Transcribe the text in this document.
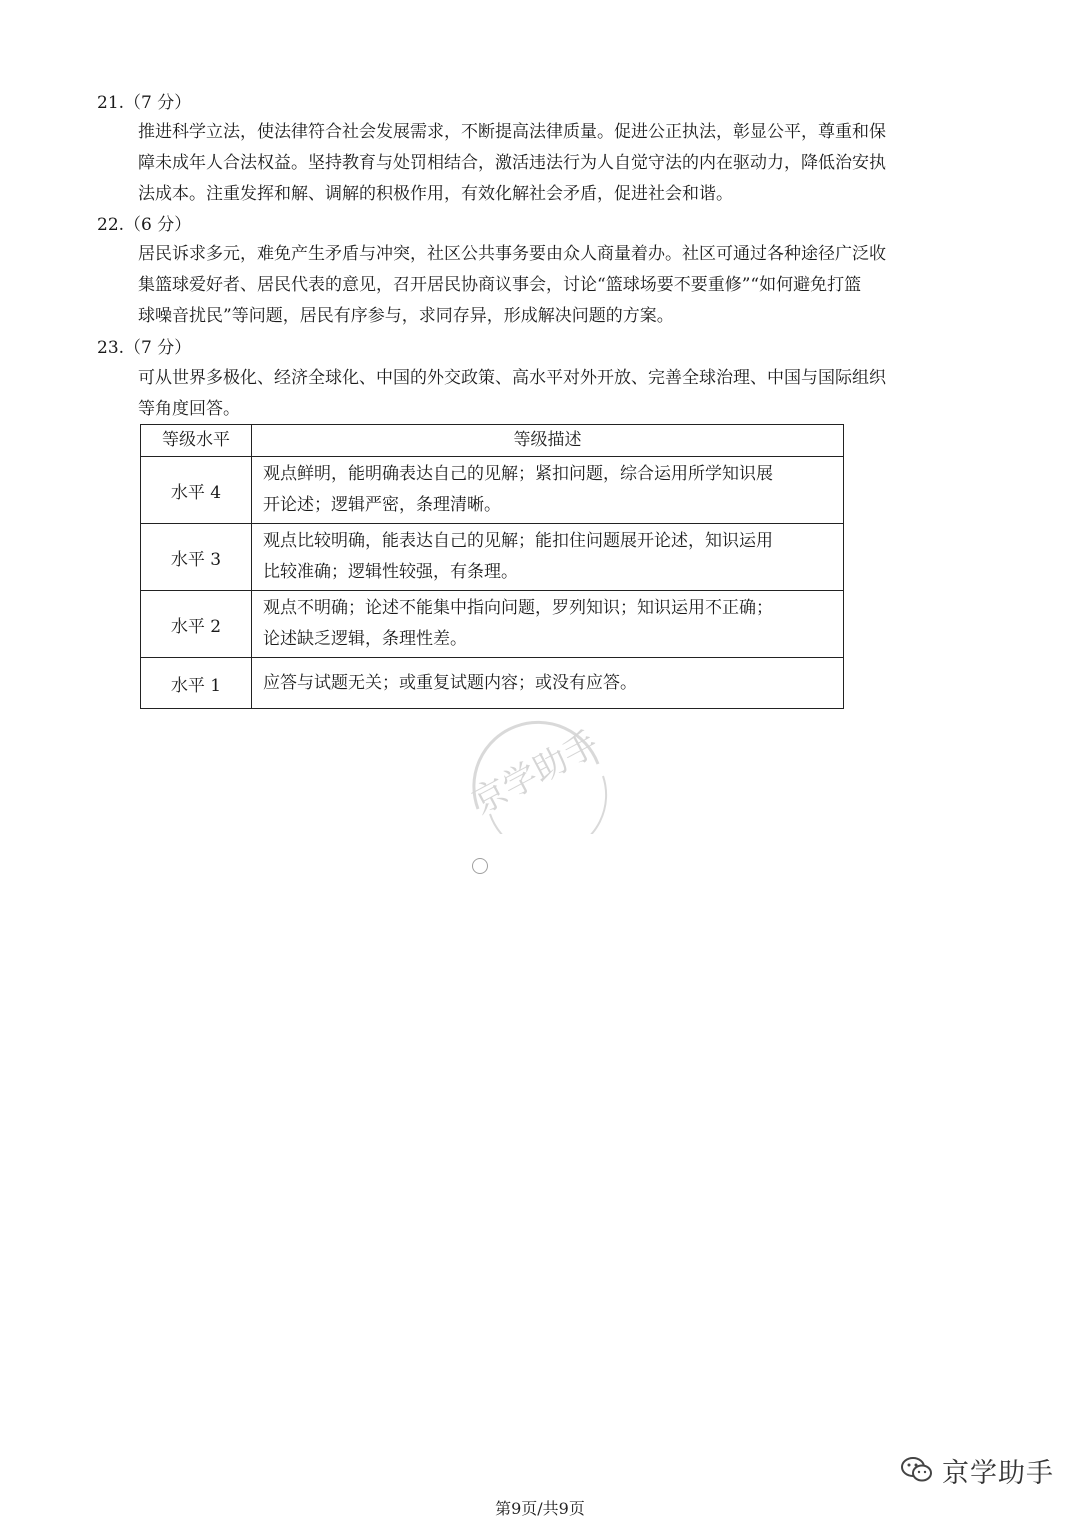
21.（7 分）
推进科学立法，使法律符合社会发展需求，不断提高法律质量。促进公正执法，彰显公平，尊重和保
障未成年人合法权益。坚持教育与处罚相结合，激活违法行为人自觉守法的内在驱动力，降低治安执
法成本。注重发挥和解、调解的积极作用，有效化解社会矛盾，促进社会和谐。
22.（6 分）
居民诉求多元，难免产生矛盾与冲突，社区公共事务要由众人商量着办。社区可通过各种途径广泛收
集篮球爱好者、居民代表的意见，召开居民协商议事会，讨论“篮球场要不要重修”“如何避免打篮
球噪音扰民”等问题，居民有序参与，求同存异，形成解决问题的方案。
23.（7 分）
可从世界多极化、经济全球化、中国的外交政策、高水平对外开放、完善全球治理、中国与国际组织
等角度回答。
等级水平	等级描述
水平 4	观点鲜明，能明确表达自己的见解；紧扣问题，综合运用所学知识展
开论述；逻辑严密，条理清晰。

水平 3	观点比较明确，能表达自己的见解；能扣住问题展开论述，知识运用
比较准确；逻辑性较强，有条理。

水平 2	观点不明确；论述不能集中指向问题，罗列知识；知识运用不正确；
论述缺乏逻辑，条理性差。

水平 1	应答与试题无关；或重复试题内容；或没有应答。
京学助手
京学助手
第9页/共9页
